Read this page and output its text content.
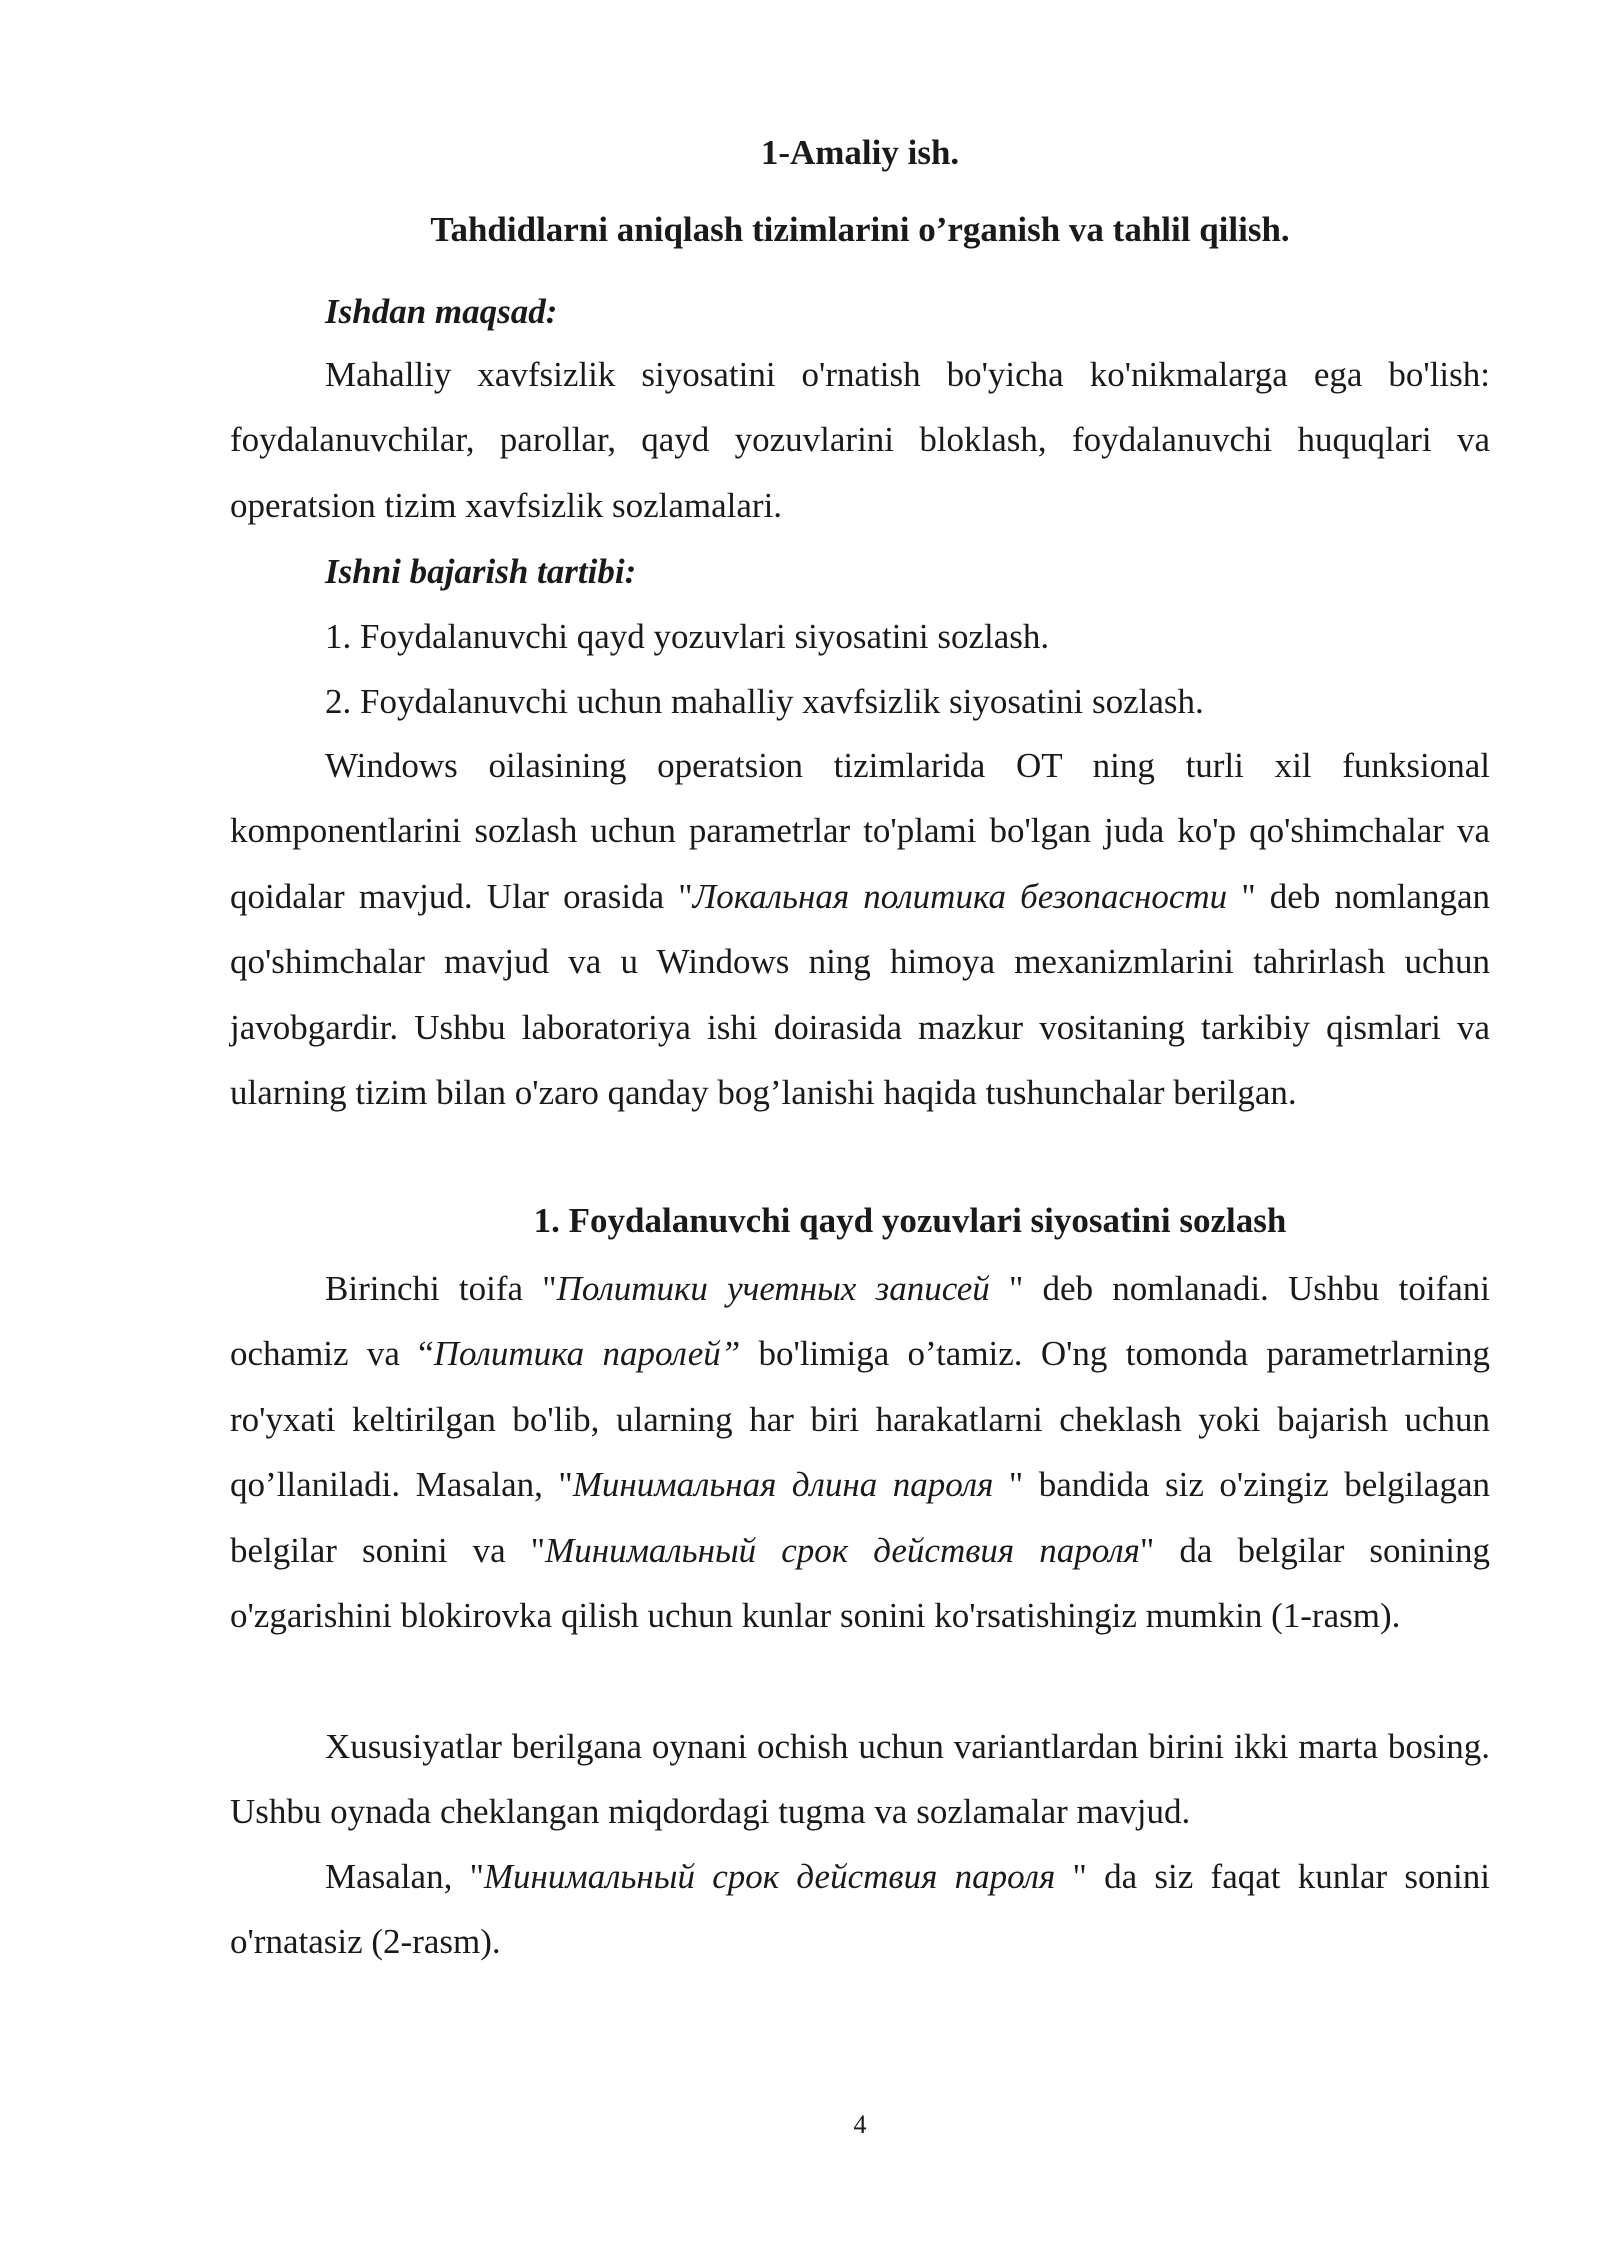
1-Amaliy ish.
Tahdidlarni aniqlash tizimlarini o’rganish va tahlil qilish.

Ishdan maqsad:

Mahalliy xavfsizlik siyosatini o'rnatish bo'yicha ko'nikmalarga ega bo'lish: foydalanuvchilar, parollar, qayd yozuvlarini bloklash, foydalanuvchi huquqlari va operatsion tizim xavfsizlik sozlamalari.

Ishni bajarish tartibi:

1. Foydalanuvchi qayd yozuvlari siyosatini sozlash.

2. Foydalanuvchi uchun mahalliy xavfsizlik siyosatini sozlash.

Windows oilasining operatsion tizimlarida OT ning turli xil funksional komponentlarini sozlash uchun parametrlar to'plami bo'lgan juda ko'p qo'shimchalar va qoidalar mavjud. Ular orasida "Локальная политика безопасности " deb nomlangan qo'shimchalar mavjud va u Windows ning himoya mexanizmlarini tahrirlash uchun javobgardir. Ushbu laboratoriya ishi doirasida mazkur vositaning tarkibiy qismlari va ularning tizim bilan o'zaro qanday bog’lanishi haqida tushunchalar berilgan.

1. Foydalanuvchi qayd yozuvlari siyosatini sozlash

Birinchi toifa "Политики учетных записей " deb nomlanadi. Ushbu toifani ochamiz va “Политика паролей” bo'limiga o’tamiz. O'ng tomonda parametrlarning ro'yxati keltirilgan bo'lib, ularning har biri harakatlarni cheklash yoki bajarish uchun qo’llaniladi. Masalan, "Минимальная длина пароля " bandida siz o'zingiz belgilagan belgilar sonini va "Минимальный срок действия пароля" da belgilar sonining o'zgarishini blokirovka qilish uchun kunlar sonini ko'rsatishingiz mumkin (1-rasm).

Xususiyatlar berilgana oynani ochish uchun variantlardan birini ikki marta bosing. Ushbu oynada cheklangan miqdordagi tugma va sozlamalar mavjud.

Masalan, "Минимальный срок действия пароля " da siz faqat kunlar sonini o'rnatasiz (2-rasm).

4
